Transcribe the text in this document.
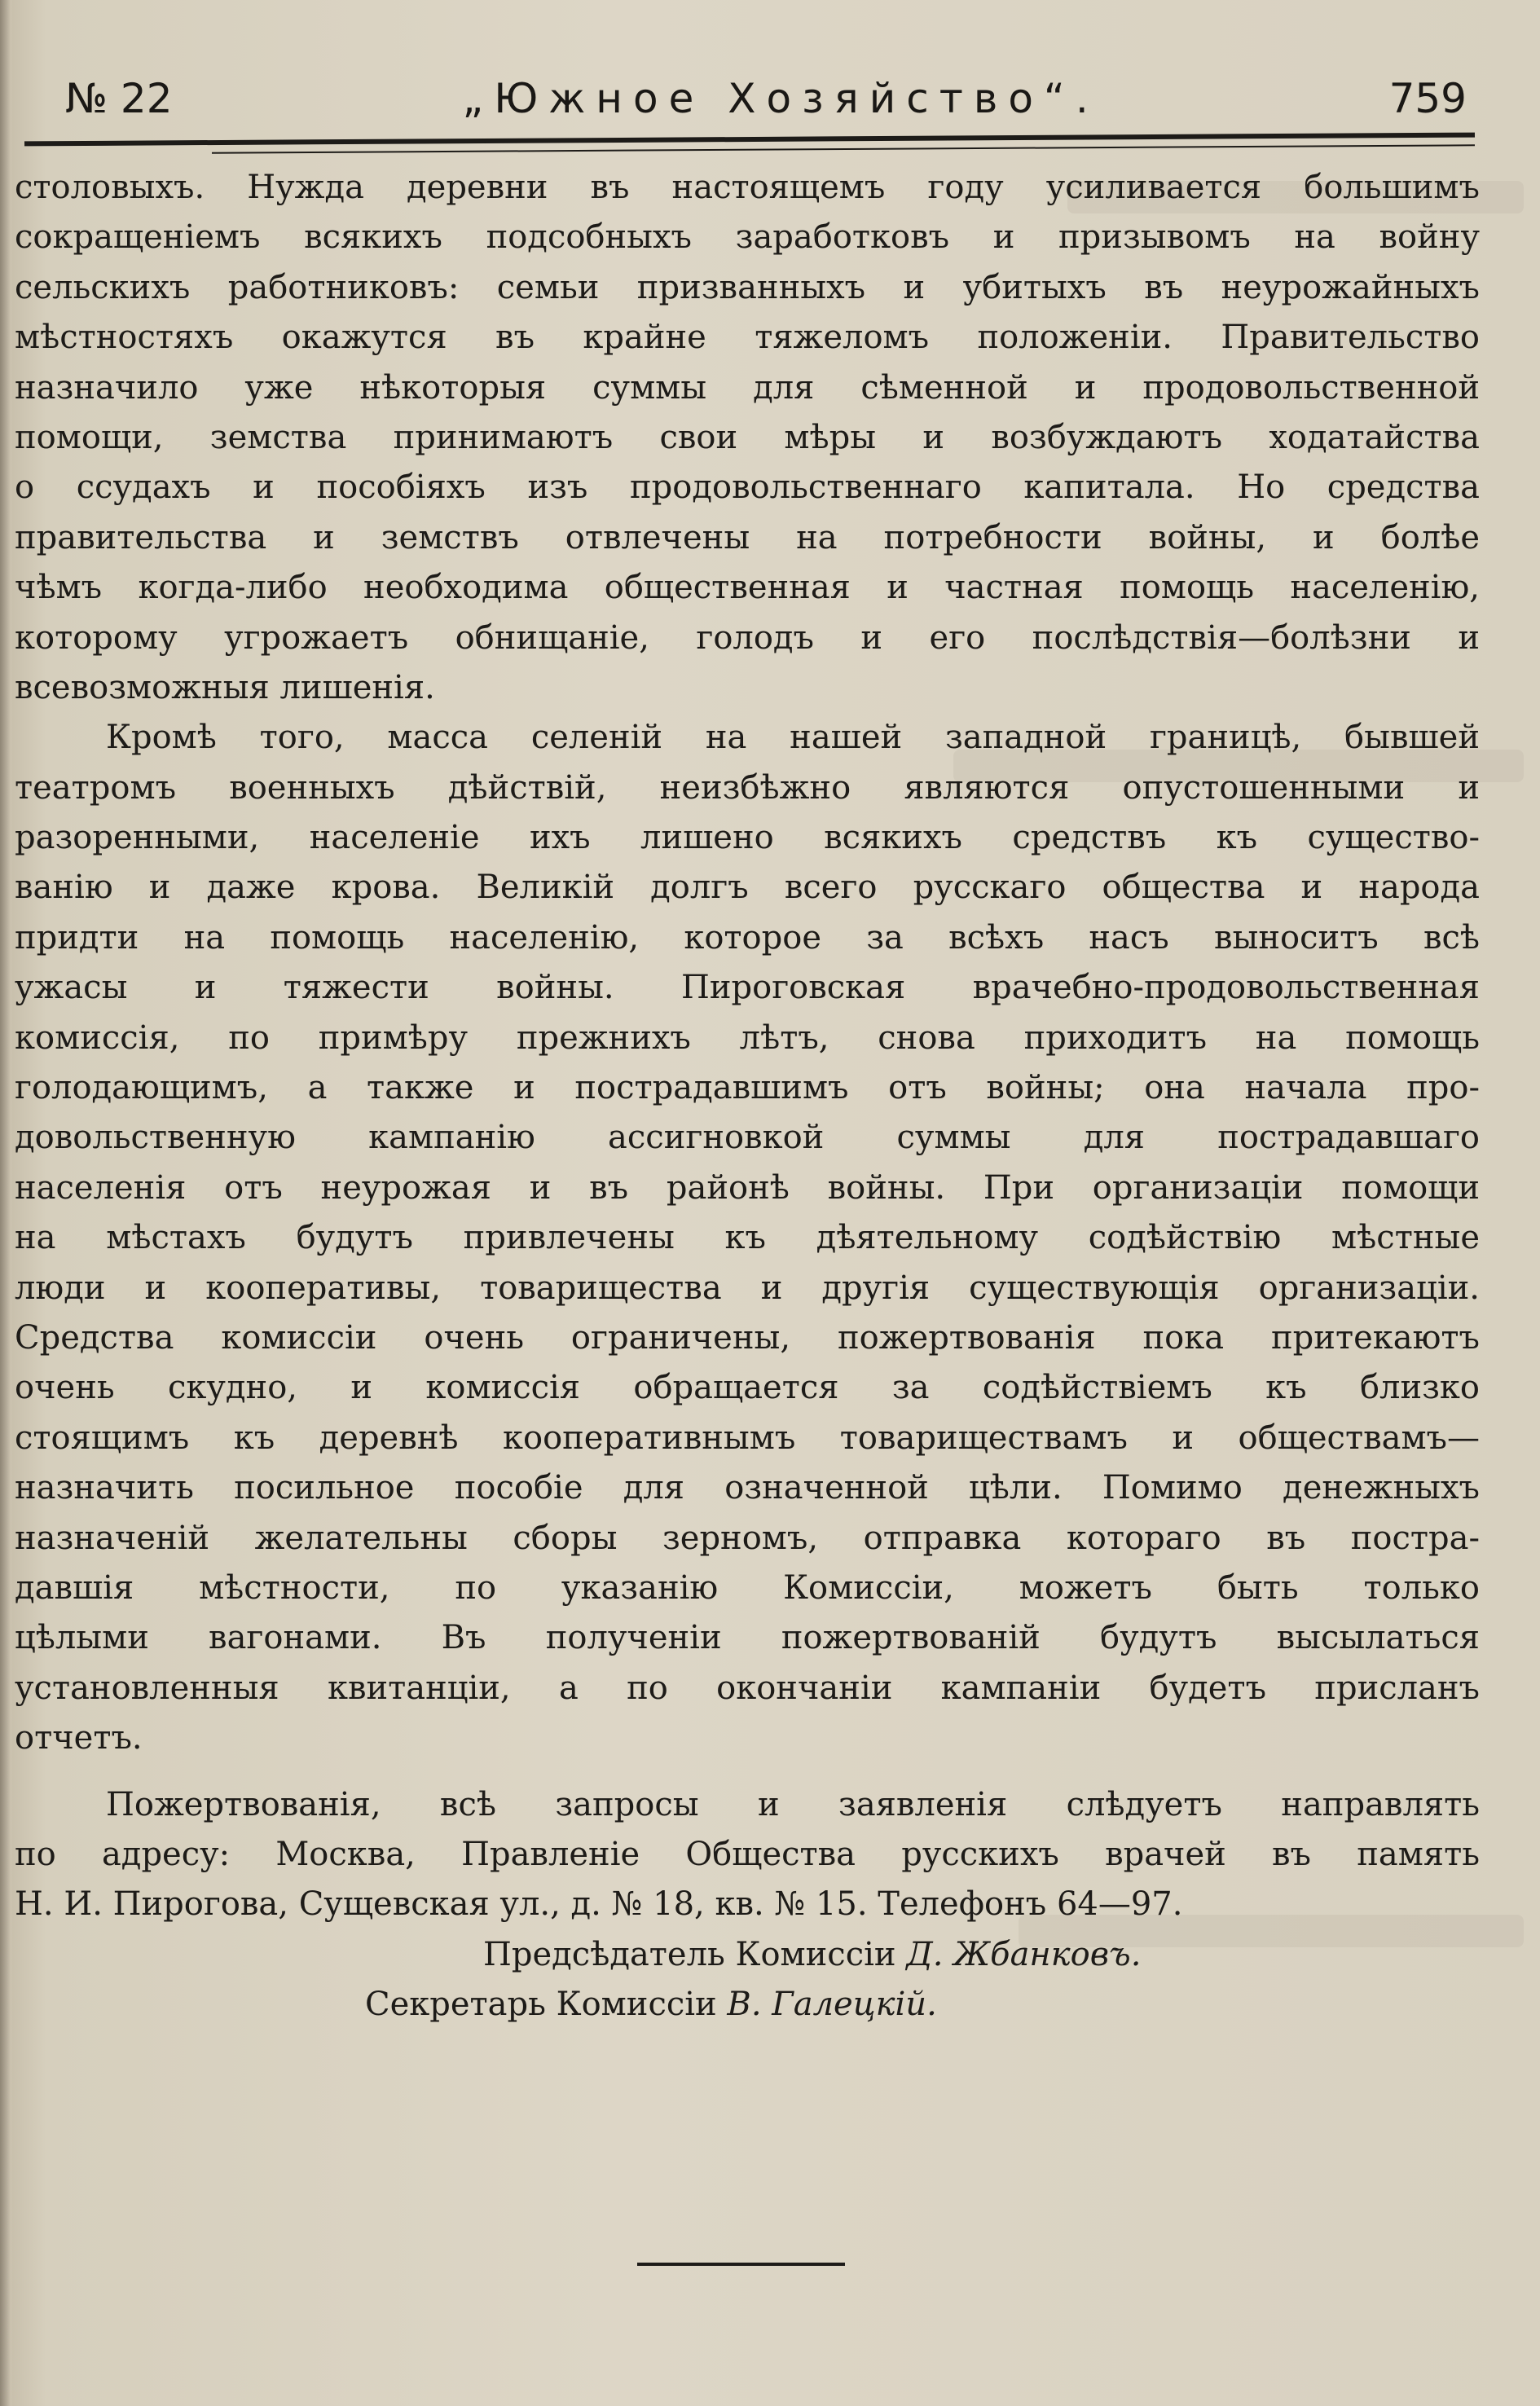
№ 22	„Южное Хозяйство“.	759
столовыхъ. Нужда деревни въ настоящемъ году усиливается большимъ
сокращеніемъ всякихъ подсобныхъ заработковъ и призывомъ на войну
сельскихъ работниковъ: семьи призванныхъ и убитыхъ въ неурожайныхъ
мѣстностяхъ окажутся въ крайне тяжеломъ положеніи. Правительство
назначило уже нѣкоторыя суммы для сѣменной и продовольственной
помощи, земства принимаютъ свои мѣры и возбуждаютъ ходатайства
о ссудахъ и пособіяхъ изъ продовольственнаго капитала. Но средства
правительства и земствъ отвлечены на потребности войны, и болѣе
чѣмъ когда-либо необходима общественная и частная помощь населенію,
которому угрожаетъ обнищаніе, голодъ и его послѣдствія—болѣзни и
всевозможныя лишенія.
Кромѣ того, масса селеній на нашей западной границѣ, бывшей
театромъ военныхъ дѣйствій, неизбѣжно являются опустошенными и
разоренными, населеніе ихъ лишено всякихъ средствъ къ существо-
ванію и даже крова. Великій долгъ всего русскаго общества и народа
придти на помощь населенію, которое за всѣхъ насъ выноситъ всѣ
ужасы и тяжести войны. Пироговская врачебно-продовольственная
комиссія, по примѣру прежнихъ лѣтъ, снова приходитъ на помощь
голодающимъ, а также и пострадавшимъ отъ войны; она начала про-
довольственную кампанію ассигновкой суммы для пострадавшаго
населенія отъ неурожая и въ районѣ войны. При организаціи помощи
на мѣстахъ будутъ привлечены къ дѣятельному содѣйствію мѣстные
люди и кооперативы, товарищества и другія существующія организаціи.
Средства комиссіи очень ограничены, пожертвованія пока притекаютъ
очень скудно, и комиссія обращается за содѣйствіемъ къ близко
стоящимъ къ деревнѣ кооперативнымъ товариществамъ и обществамъ—
назначить посильное пособіе для означенной цѣли. Помимо денежныхъ
назначеній желательны сборы зерномъ, отправка котораго въ постра-
давшія мѣстности, по указанію Комиссіи, можетъ быть только
цѣлыми вагонами. Въ полученіи пожертвованій будутъ высылаться
установленныя квитанціи, а по окончаніи кампаніи будетъ присланъ
отчетъ.
Пожертвованія, всѣ запросы и заявленія слѣдуетъ направлять
по адресу: Москва, Правленіе Общества русскихъ врачей въ память
Н. И. Пирогова, Сущевская ул., д. № 18, кв. № 15. Телефонъ 64—97.
Предсѣдатель Комиссіи Д. Жбанковъ.
Секретарь Комиссіи В. Галецкій.
